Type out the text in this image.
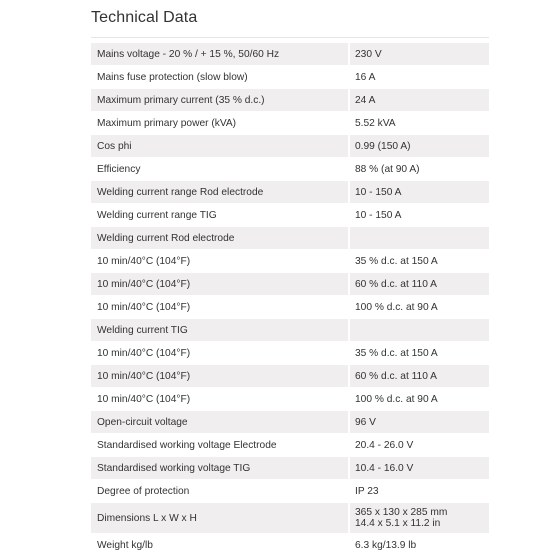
Technical Data
Mains voltage - 20 % / + 15 %, 50/60 Hz	230 V
Mains fuse protection (slow blow)	16 A
Maximum primary current (35 % d.c.)	24 A
Maximum primary power (kVA)	5.52 kVA
Cos phi	0.99 (150 A)
Efficiency	88 % (at 90 A)
Welding current range Rod electrode	10 - 150 A
Welding current range TIG	10 - 150 A
Welding current Rod electrode	
10 min/40°C (104°F)	35 % d.c. at 150 A
10 min/40°C (104°F)	60 % d.c. at 110 A
10 min/40°C (104°F)	100 % d.c. at 90 A
Welding current TIG	
10 min/40°C (104°F)	35 % d.c. at 150 A
10 min/40°C (104°F)	60 % d.c. at 110 A
10 min/40°C (104°F)	100 % d.c. at 90 A
Open-circuit voltage	96 V
Standardised working voltage Electrode	20.4 - 26.0 V
Standardised working voltage TIG	10.4 - 16.0 V
Degree of protection	IP 23
Dimensions L x W x H	365 x 130 x 285 mm
14.4 x 5.1 x 11.2 in

Weight kg/lb	6.3 kg/13.9 lb
